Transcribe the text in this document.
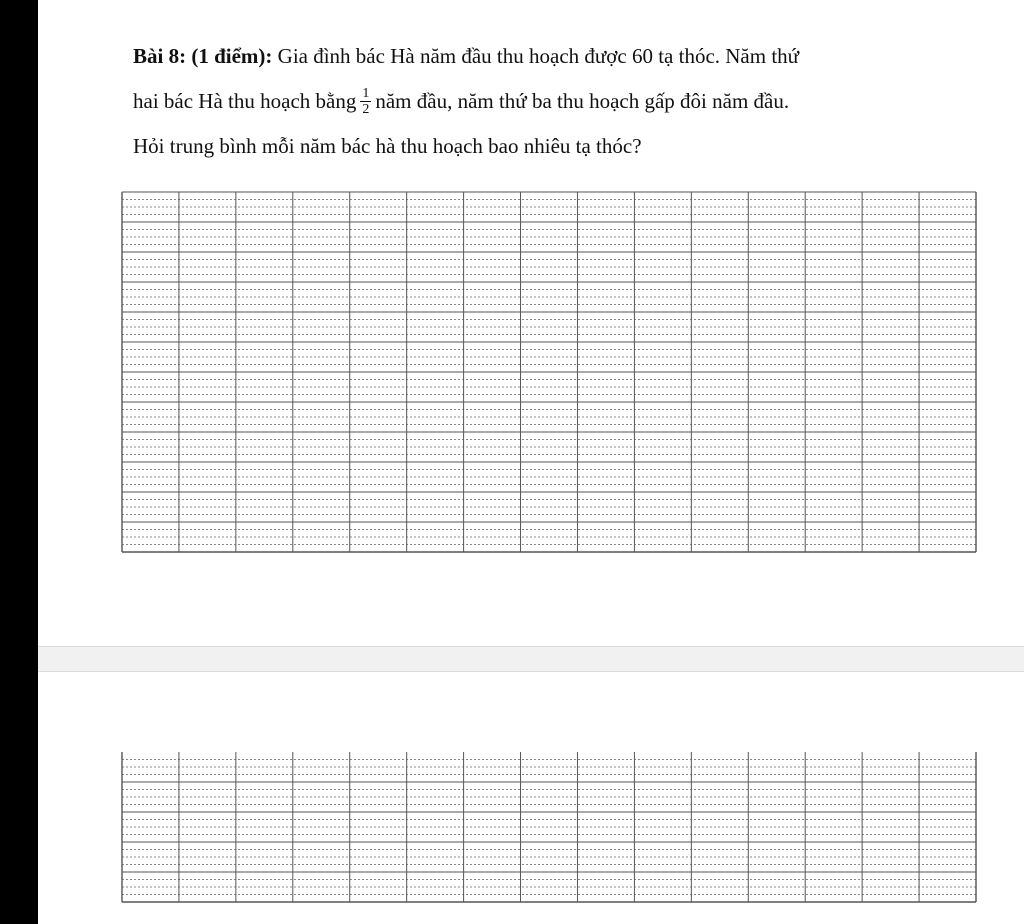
Bài 8: (1 điểm): Gia đình bác Hà năm đầu thu hoạch được 60 tạ thóc. Năm thứ
hai bác Hà thu hoạch bằng $\frac{1}{2}$ năm đầu, năm thứ ba thu hoạch gấp đôi năm đầu.
Hỏi trung bình mỗi năm bác hà thu hoạch bao nhiêu tạ thóc?
